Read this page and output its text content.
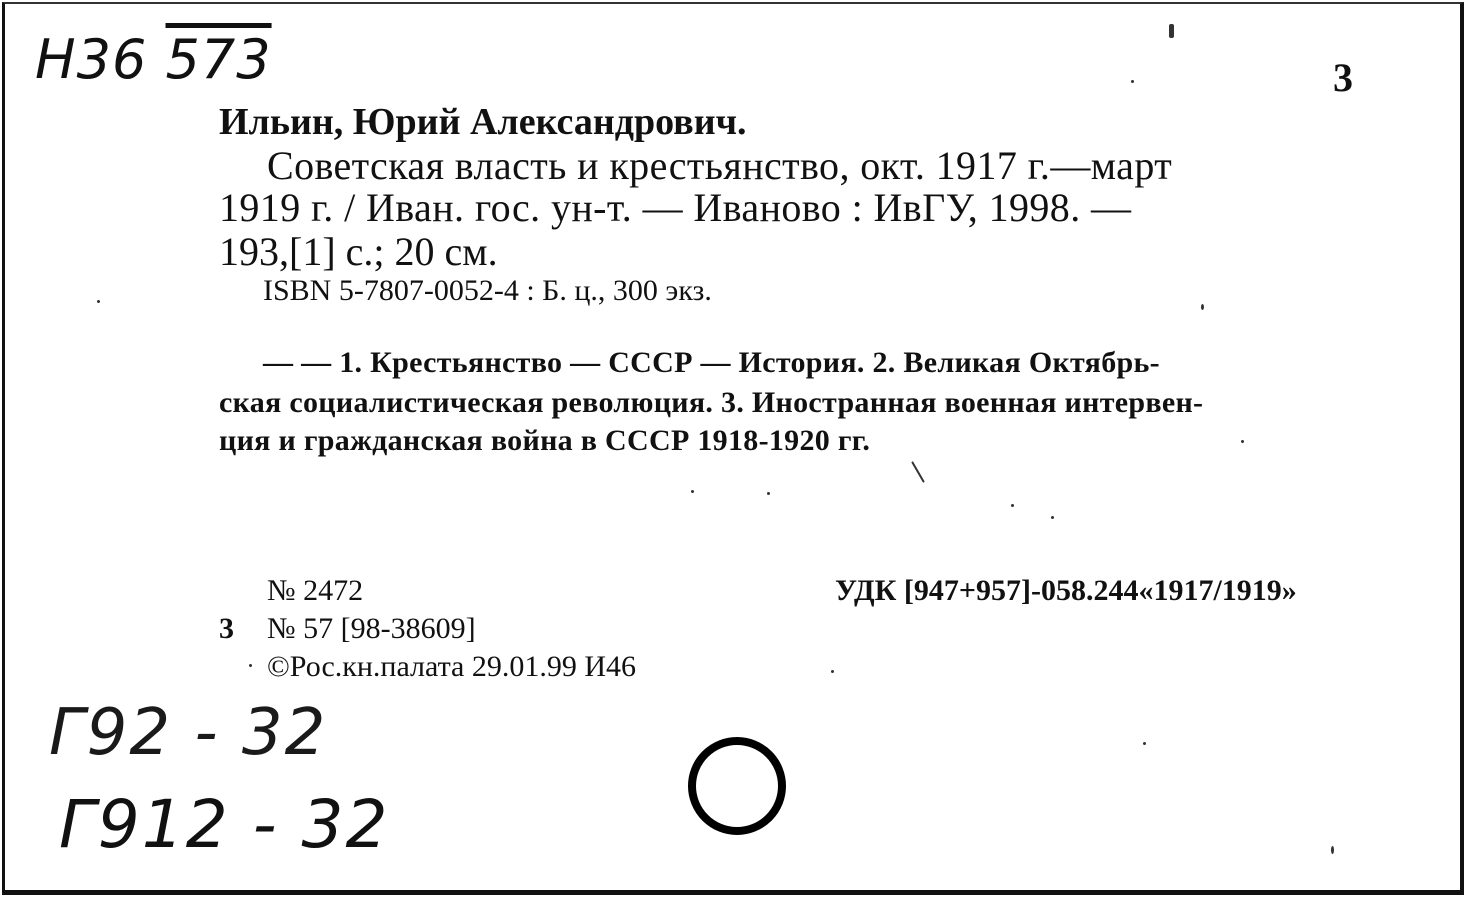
Н36 573	3
Ильин, Юрий Александрович.
Советская власть и крестьянство, окт. 1917 г.—март
1919 г. / Иван. гос. ун-т. — Иваново : ИвГУ, 1998. —
193,[1] с.; 20 см.
ISBN 5-7807-0052-4 : Б. ц., 300 экз.
— — 1. Крестьянство — СССР — История. 2. Великая Октябрь-
ская социалистическая революция. 3. Иностранная военная интервен-
ция и гражданская война в СССР 1918-1920 гг.
№ 2472	УДК [947+957]-058.244«1917/1919»
3 № 57 [98-38609]
©Рос.кн.палата 29.01.99 И46
Г92 - 32
Г912 - 32
